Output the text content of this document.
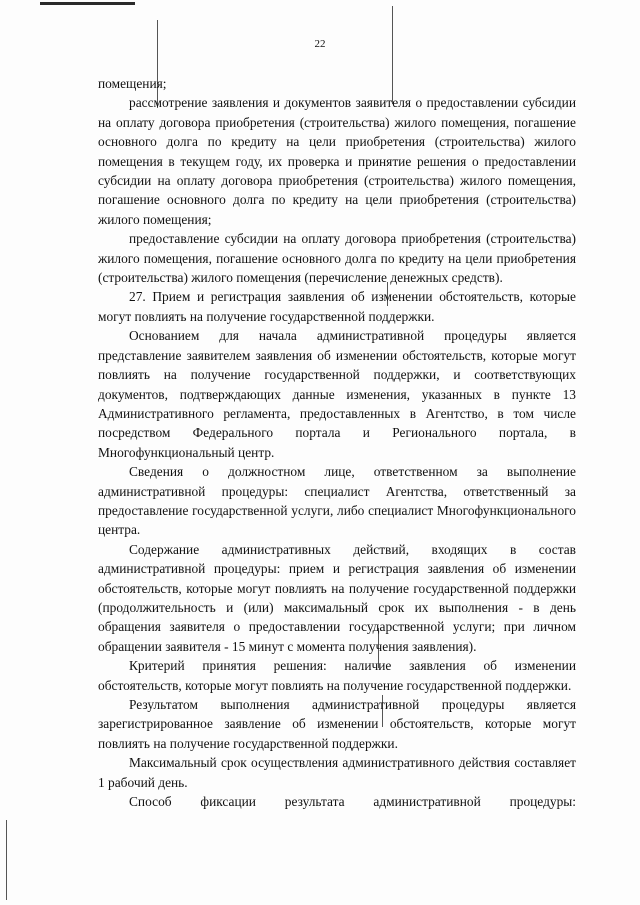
22

помещения;

рассмотрение заявления и документов заявителя о предоставлении субсидии на оплату договора приобретения (строительства) жилого помещения, погашение основного долга по кредиту на цели приобретения (строительства) жилого помещения в текущем году, их проверка и принятие решения о предоставлении субсидии на оплату договора приобретения (строительства) жилого помещения, погашение основного долга по кредиту на цели приобретения (строительства) жилого помещения;

предоставление субсидии на оплату договора приобретения (строительства) жилого помещения, погашение основного долга по кредиту на цели приобретения (строительства) жилого помещения (перечисление денежных средств).

27. Прием и регистрация заявления об изменении обстоятельств, которые могут повлиять на получение государственной поддержки.

Основанием для начала административной процедуры является представление заявителем заявления об изменении обстоятельств, которые могут повлиять на получение государственной поддержки, и соответствующих документов, подтверждающих данные изменения, указанных в пункте 13 Административного регламента, предоставленных в Агентство, в том числе посредством Федерального портала и Регионального портала, в Многофункциональный центр.

Сведения о должностном лице, ответственном за выполнение административной процедуры: специалист Агентства, ответственный за предоставление государственной услуги, либо специалист Многофункционального центра.

Содержание административных действий, входящих в состав административной процедуры: прием и регистрация заявления об изменении обстоятельств, которые могут повлиять на получение государственной поддержки (продолжительность и (или) максимальный срок их выполнения - в день обращения заявителя о предоставлении государственной услуги; при личном обращении заявителя - 15 минут с момента получения заявления).

Критерий принятия решения: наличие заявления об изменении обстоятельств, которые могут повлиять на получение государственной поддержки.

Результатом выполнения административной процедуры является зарегистрированное заявление об изменении обстоятельств, которые могут повлиять на получение государственной поддержки.

Максимальный срок осуществления административного действия составляет 1 рабочий день.

Способ фиксации результата административной процедуры:
